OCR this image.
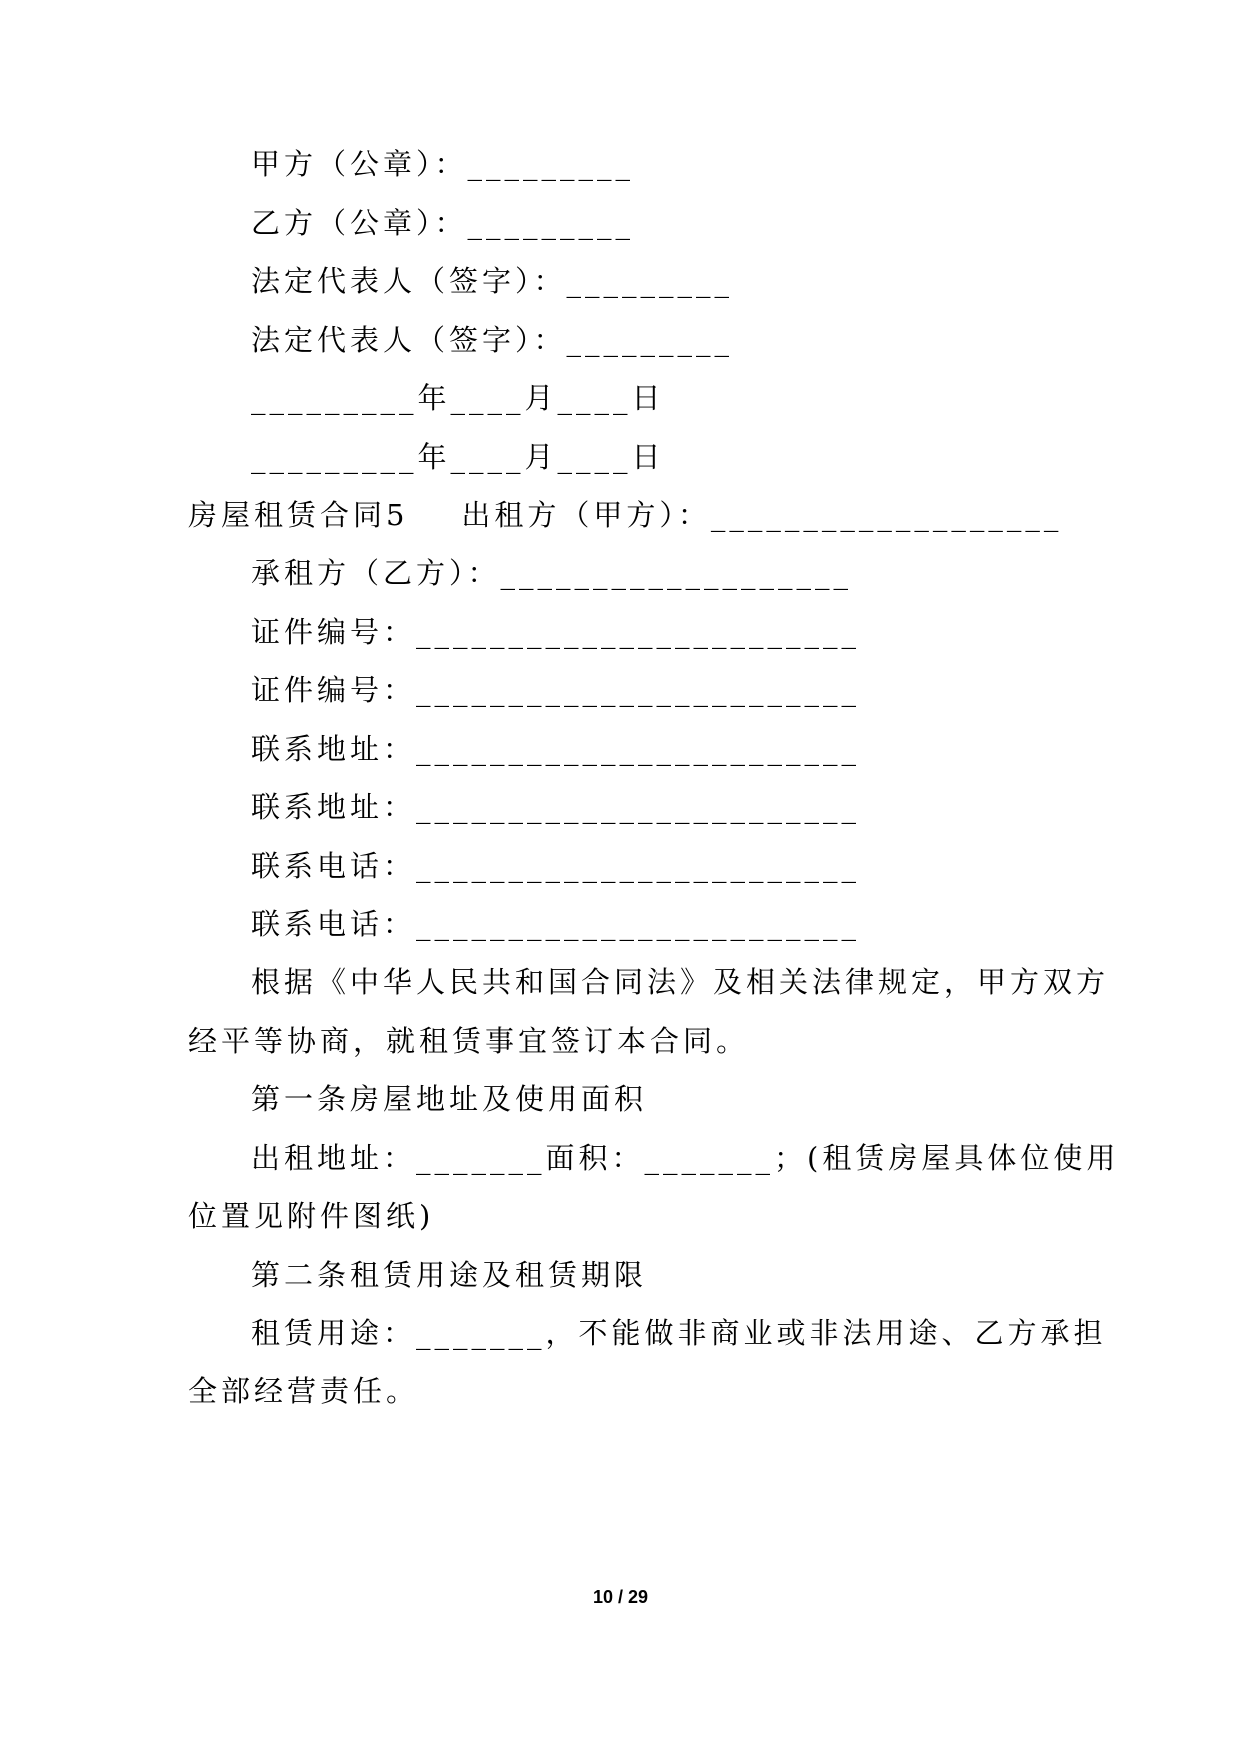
甲方（公章）：_________
乙方（公章）：_________
法定代表人（签字）：_________
法定代表人（签字）：_________
_________年____月____日
_________年____月____日
房屋租赁合同5    出租方（甲方）：___________________
承租方（乙方）：___________________
证件编号：________________________
证件编号：________________________
联系地址：________________________
联系地址：________________________
联系电话：________________________
联系电话：________________________
根据《中华人民共和国合同法》及相关法律规定，甲方双方
经平等协商，就租赁事宜签订本合同。
第一条房屋地址及使用面积
出租地址：_______面积：_______；(租赁房屋具体位使用
位置见附件图纸)
第二条租赁用途及租赁期限
租赁用途：_______，不能做非商业或非法用途、乙方承担
全部经营责任。
10 / 29
